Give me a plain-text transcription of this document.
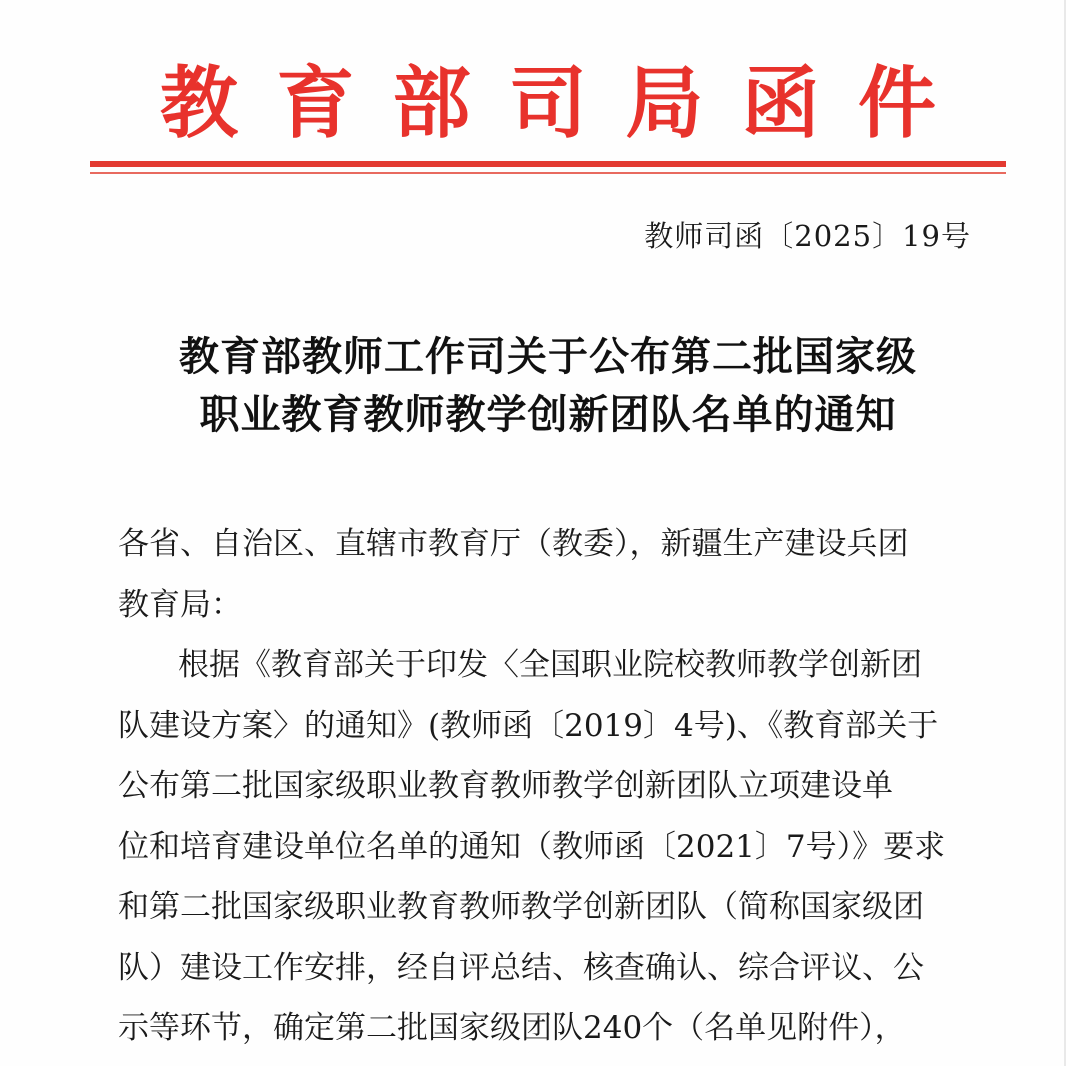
教 育 部 司 局 函 件
教师司函〔2025〕19号
教育部教师工作司关于公布第二批国家级
职业教育教师教学创新团队名单的通知
各省、自治区、直辖市教育厅（教委），新疆生产建设兵团
教育局：
根据《教育部关于印发〈全国职业院校教师教学创新团
队建设方案〉的通知》(教师函〔2019〕4号)、《教育部关于
公布第二批国家级职业教育教师教学创新团队立项建设单
位和培育建设单位名单的通知（教师函〔2021〕7号）》要求
和第二批国家级职业教育教师教学创新团队（简称国家级团
队）建设工作安排，经自评总结、核查确认、综合评议、公
示等环节，确定第二批国家级团队240个（名单见附件），
